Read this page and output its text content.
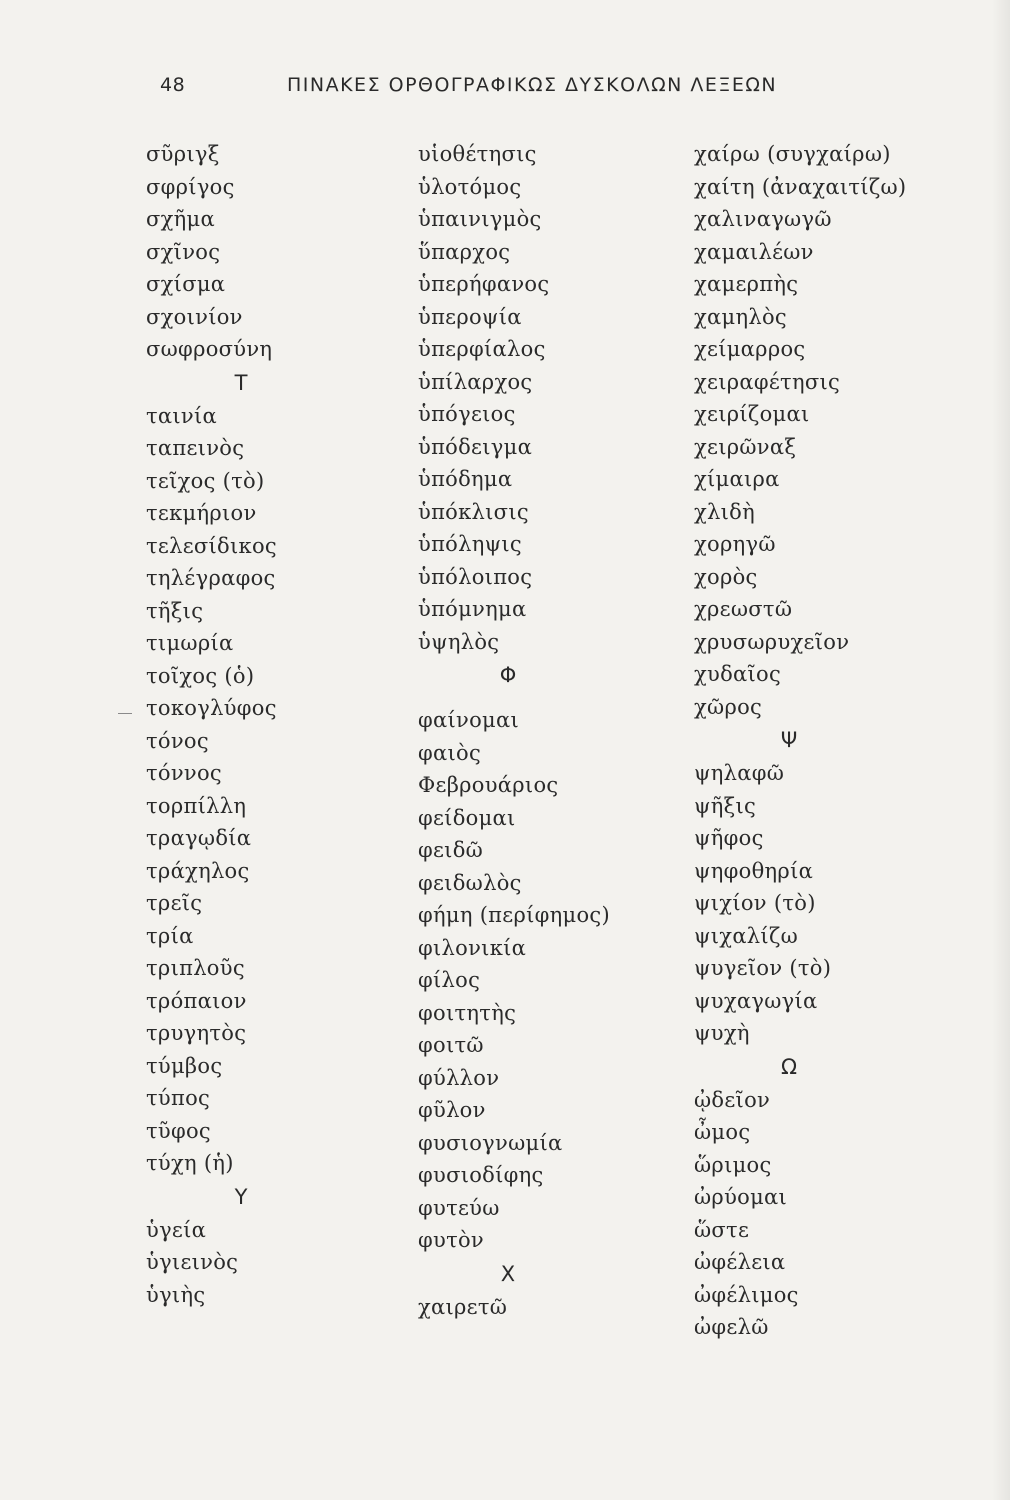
48	ΠΙΝΑΚΕΣ ΟΡΘΟΓΡΑΦΙΚΩΣ ΔΥΣΚΟΛΩΝ ΛΕΞΕΩΝ
σῦριγξ
σφρίγος
σχῆμα
σχῖνος
σχίσμα
σχοινίον
σωφροσύνη
Τ
ταινία
ταπεινὸς
τεῖχος (τὸ)
τεκμήριον
τελεσίδικος
τηλέγραφος
τῆξις
τιμωρία
τοῖχος (ὁ)
τοκογλύφος
τόνος
τόννος
τορπίλλη
τραγῳδία
τράχηλος
τρεῖς
τρία
τριπλοῦς
τρόπαιον
τρυγητὸς
τύμβος
τύπος
τῦφος
τύχη (ἡ)
Υ
ὑγεία
ὑγιεινὸς
ὑγιὴς
υἱοθέτησις
ὑλοτόμος
ὑπαινιγμὸς
ὕπαρχος
ὑπερήφανος
ὑπεροψία
ὑπερφίαλος
ὑπίλαρχος
ὑπόγειος
ὑπόδειγμα
ὑπόδημα
ὑπόκλισις
ὑπόληψις
ὑπόλοιπος
ὑπόμνημα
ὑψηλὸς
Φ
φαίνομαι
φαιὸς
Φεβρουάριος
φείδομαι
φειδῶ
φειδωλὸς
φήμη (περίφημος)
φιλονικία
φίλος
φοιτητὴς
φοιτῶ
φύλλον
φῦλον
φυσιογνωμία
φυσιοδίφης
φυτεύω
φυτὸν
Χ
χαιρετῶ
χαίρω (συγχαίρω)
χαίτη (ἀναχαιτίζω)
χαλιναγωγῶ
χαμαιλέων
χαμερπὴς
χαμηλὸς
χείμαρρος
χειραφέτησις
χειρίζομαι
χειρῶναξ
χίμαιρα
χλιδὴ
χορηγῶ
χορὸς
χρεωστῶ
χρυσωρυχεῖον
χυδαῖος
χῶρος
Ψ
ψηλαφῶ
ψῆξις
ψῆφος
ψηφοθηρία
ψιχίον (τὸ)
ψιχαλίζω
ψυγεῖον (τὸ)
ψυχαγωγία
ψυχὴ
Ω
ᾠδεῖον
ὦμος
ὥριμος
ὠρύομαι
ὥστε
ὠφέλεια
ὠφέλιμος
ὠφελῶ
